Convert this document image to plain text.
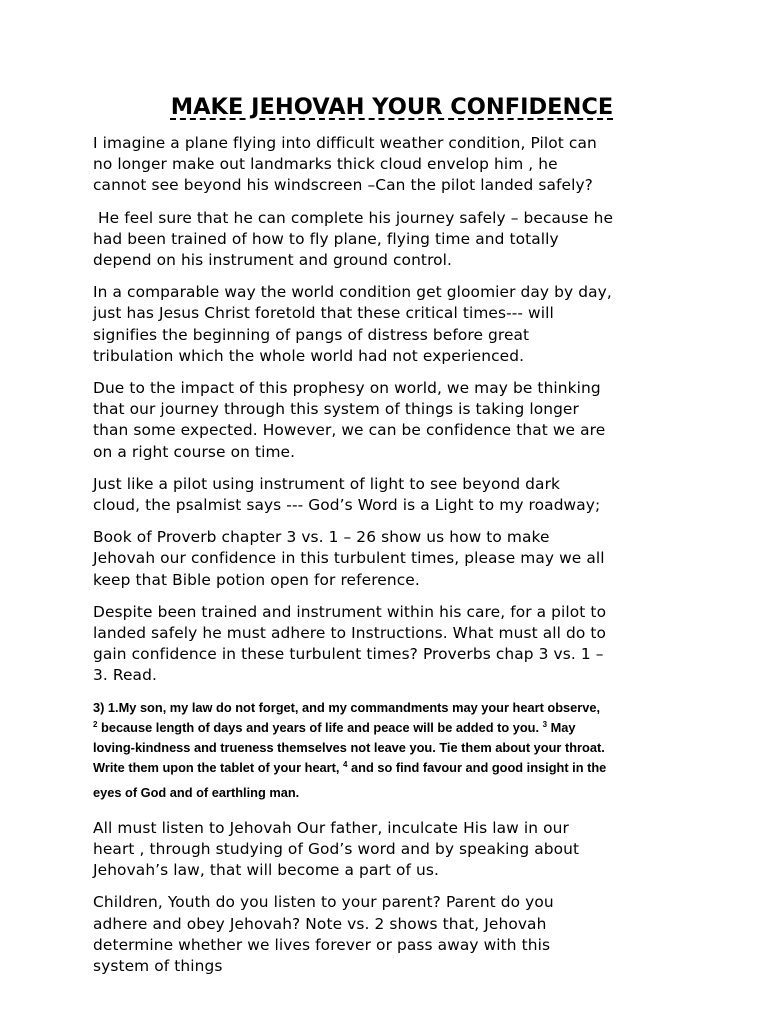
MAKE JEHOVAH YOUR CONFIDENCE
I imagine a plane flying into difficult weather condition, Pilot can
no longer make out landmarks thick cloud envelop him , he
cannot see beyond his windscreen –Can the pilot landed safely?
He feel sure that he can complete his journey safely – because he
had been trained of how to fly plane, flying time and totally
depend on his instrument and ground control.
In a comparable way the world condition get gloomier day by day,
just has Jesus Christ foretold that these critical times--- will
signifies the beginning of pangs of distress before great
tribulation which the whole world had not experienced.
Due to the impact of this prophesy on world, we may be thinking
that our journey through this system of things is taking longer
than some expected. However, we can be confidence that we are
on a right course on time.
Just like a pilot using instrument of light to see beyond dark
cloud, the psalmist says --- God’s Word is a Light to my roadway;
Book of Proverb chapter 3 vs. 1 – 26 show us how to make
Jehovah our confidence in this turbulent times, please may we all
keep that Bible potion open for reference.
Despite been trained and instrument within his care, for a pilot to
landed safely he must adhere to Instructions. What must all do to
gain confidence in these turbulent times? Proverbs chap 3 vs. 1 –
3. Read.
3) 1.My son, my law do not forget, and my commandments may your heart observe,
$^2$ because length of days and years of life and peace will be added to you. $^3$ May
loving-kindness and trueness themselves not leave you. Tie them about your throat.
Write them upon the tablet of your heart, $^4$ and so find favour and good insight in the
eyes of God and of earthling man.
All must listen to Jehovah Our father, inculcate His law in our
heart , through studying of God’s word and by speaking about
Jehovah’s law, that will become a part of us.
Children, Youth do you listen to your parent? Parent do you
adhere and obey Jehovah? Note vs. 2 shows that, Jehovah
determine whether we lives forever or pass away with this
system of things
